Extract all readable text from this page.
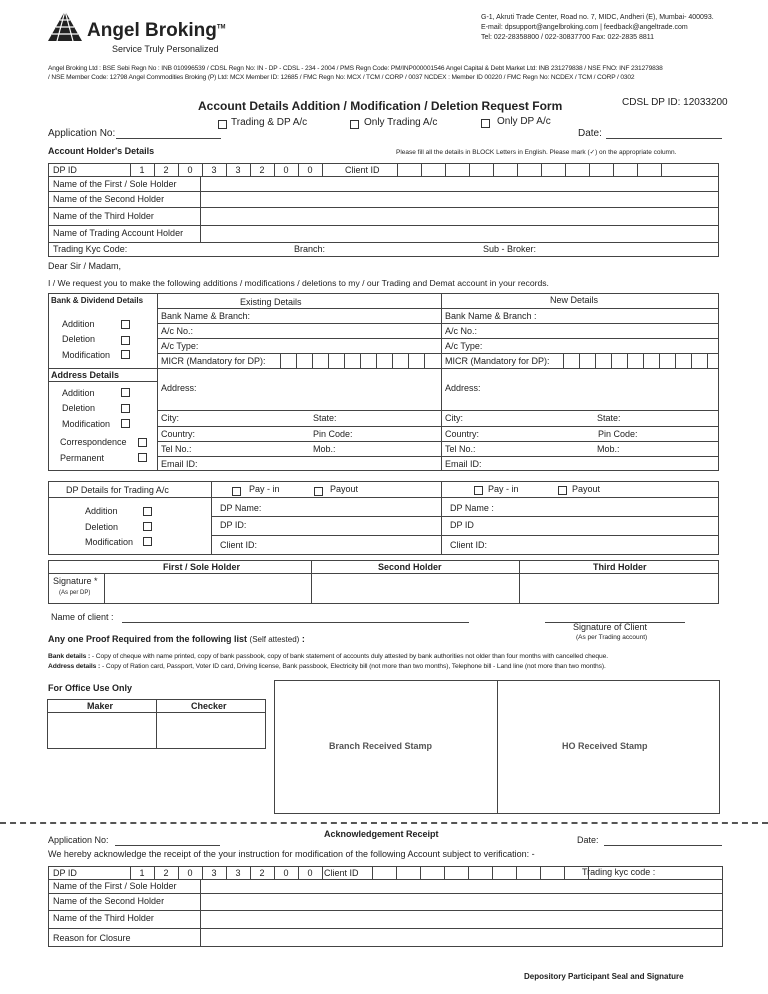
Angel Broking™
Service Truly Personalized
G-1, Akruti Trade Center, Road no. 7, MIDC, Andheri (E), Mumbai- 400093.
E-mail: dpsupport@angelbroking.com | feedback@angeltrade.com
Tel: 022-28358800 / 022-30837700 Fax: 022-2835 8811
Angel Broking Ltd : BSE Sebi Regn No : INB 010996539 / CDSL Regn No: IN - DP - CDSL - 234 - 2004 / PMS Regn Code: PM/INP000001546 Angel Capital & Debt Market Ltd: INB 231279838 / NSE FNO: INF 231279838
/ NSE Member Code: 12798 Angel Commodities Broking (P) Ltd: MCX Member ID: 12685 / FMC Regn No: MCX / TCM / CORP / 0037 NCDEX : Member ID 00220 / FMC Regn No: NCDEX / TCM / CORP / 0302
Account Details Addition / Modification / Deletion Request Form	CDSL DP ID: 12033200
Trading & DP A/c	Only Trading A/c	Only DP A/c
Application No:	Date:
Account Holder's Details	Please fill all the details in BLOCK Letters in English. Please mark (✓) on the appropriate column.
DP ID	1	2	0	3	3	2	0	0	Client ID
Name of the First / Sole Holder
Name of the Second Holder
Name of the Third Holder
Name of Trading Account Holder
Trading Kyc Code:	Branch:	Sub - Broker:
Dear Sir / Madam,
I / We request you to make the following additions / modifications / deletions to my / our Trading and Demat account in your records.
Bank & Dividend Details	Existing Details	New Details
Addition
Deletion
Modification
Bank Name & Branch:
A/c No.:
A/c Type:
MICR (Mandatory for DP):
Bank Name & Branch :
A/c No.:
A/c Type:
MICR (Mandatory for DP):
Address Details
Addition
Deletion
Modification
Correspondence
Permanent
Address:
City:	State:
Country:	Pin Code:
Tel No.:	Mob.:
Email ID:
Address:
City:	State:
Country:	Pin Code:
Tel No.:	Mob.:
Email ID:
DP Details for Trading A/c	Pay - in	Payout	Pay - in	Payout
Addition
Deletion
Modification
DP Name:
DP ID:
Client ID:
DP Name :
DP ID
Client ID:
First / Sole Holder	Second Holder	Third Holder
Signature *
(As per DP)
Name of client :
Signature of Client
(As per Trading account)
Any one Proof Required from the following list (Self attested) :
Bank details : - Copy of cheque with name printed, copy of bank passbook, copy of bank statement of accounts duly attested by bank authorities not older than four months with cancelled cheque.
Address details : - Copy of Ration card, Passport, Voter ID card, Driving license, Bank passbook, Electricity bill (not more than two months), Telephone bill - Land line (not more than two months).
For Office Use Only
Maker	Checker
Branch Received Stamp	HO Received Stamp
Application No:
Acknowledgement Receipt
Date:
We hereby acknowledge the receipt of the your instruction for modification of the following Account subject to verification: -
DP ID	1	2	0	3	3	2	0	0	Client ID	Trading kyc code :
Name of the First / Sole Holder
Name of the Second Holder
Name of the Third Holder
Reason for Closure
Depository Participant Seal and Signature
